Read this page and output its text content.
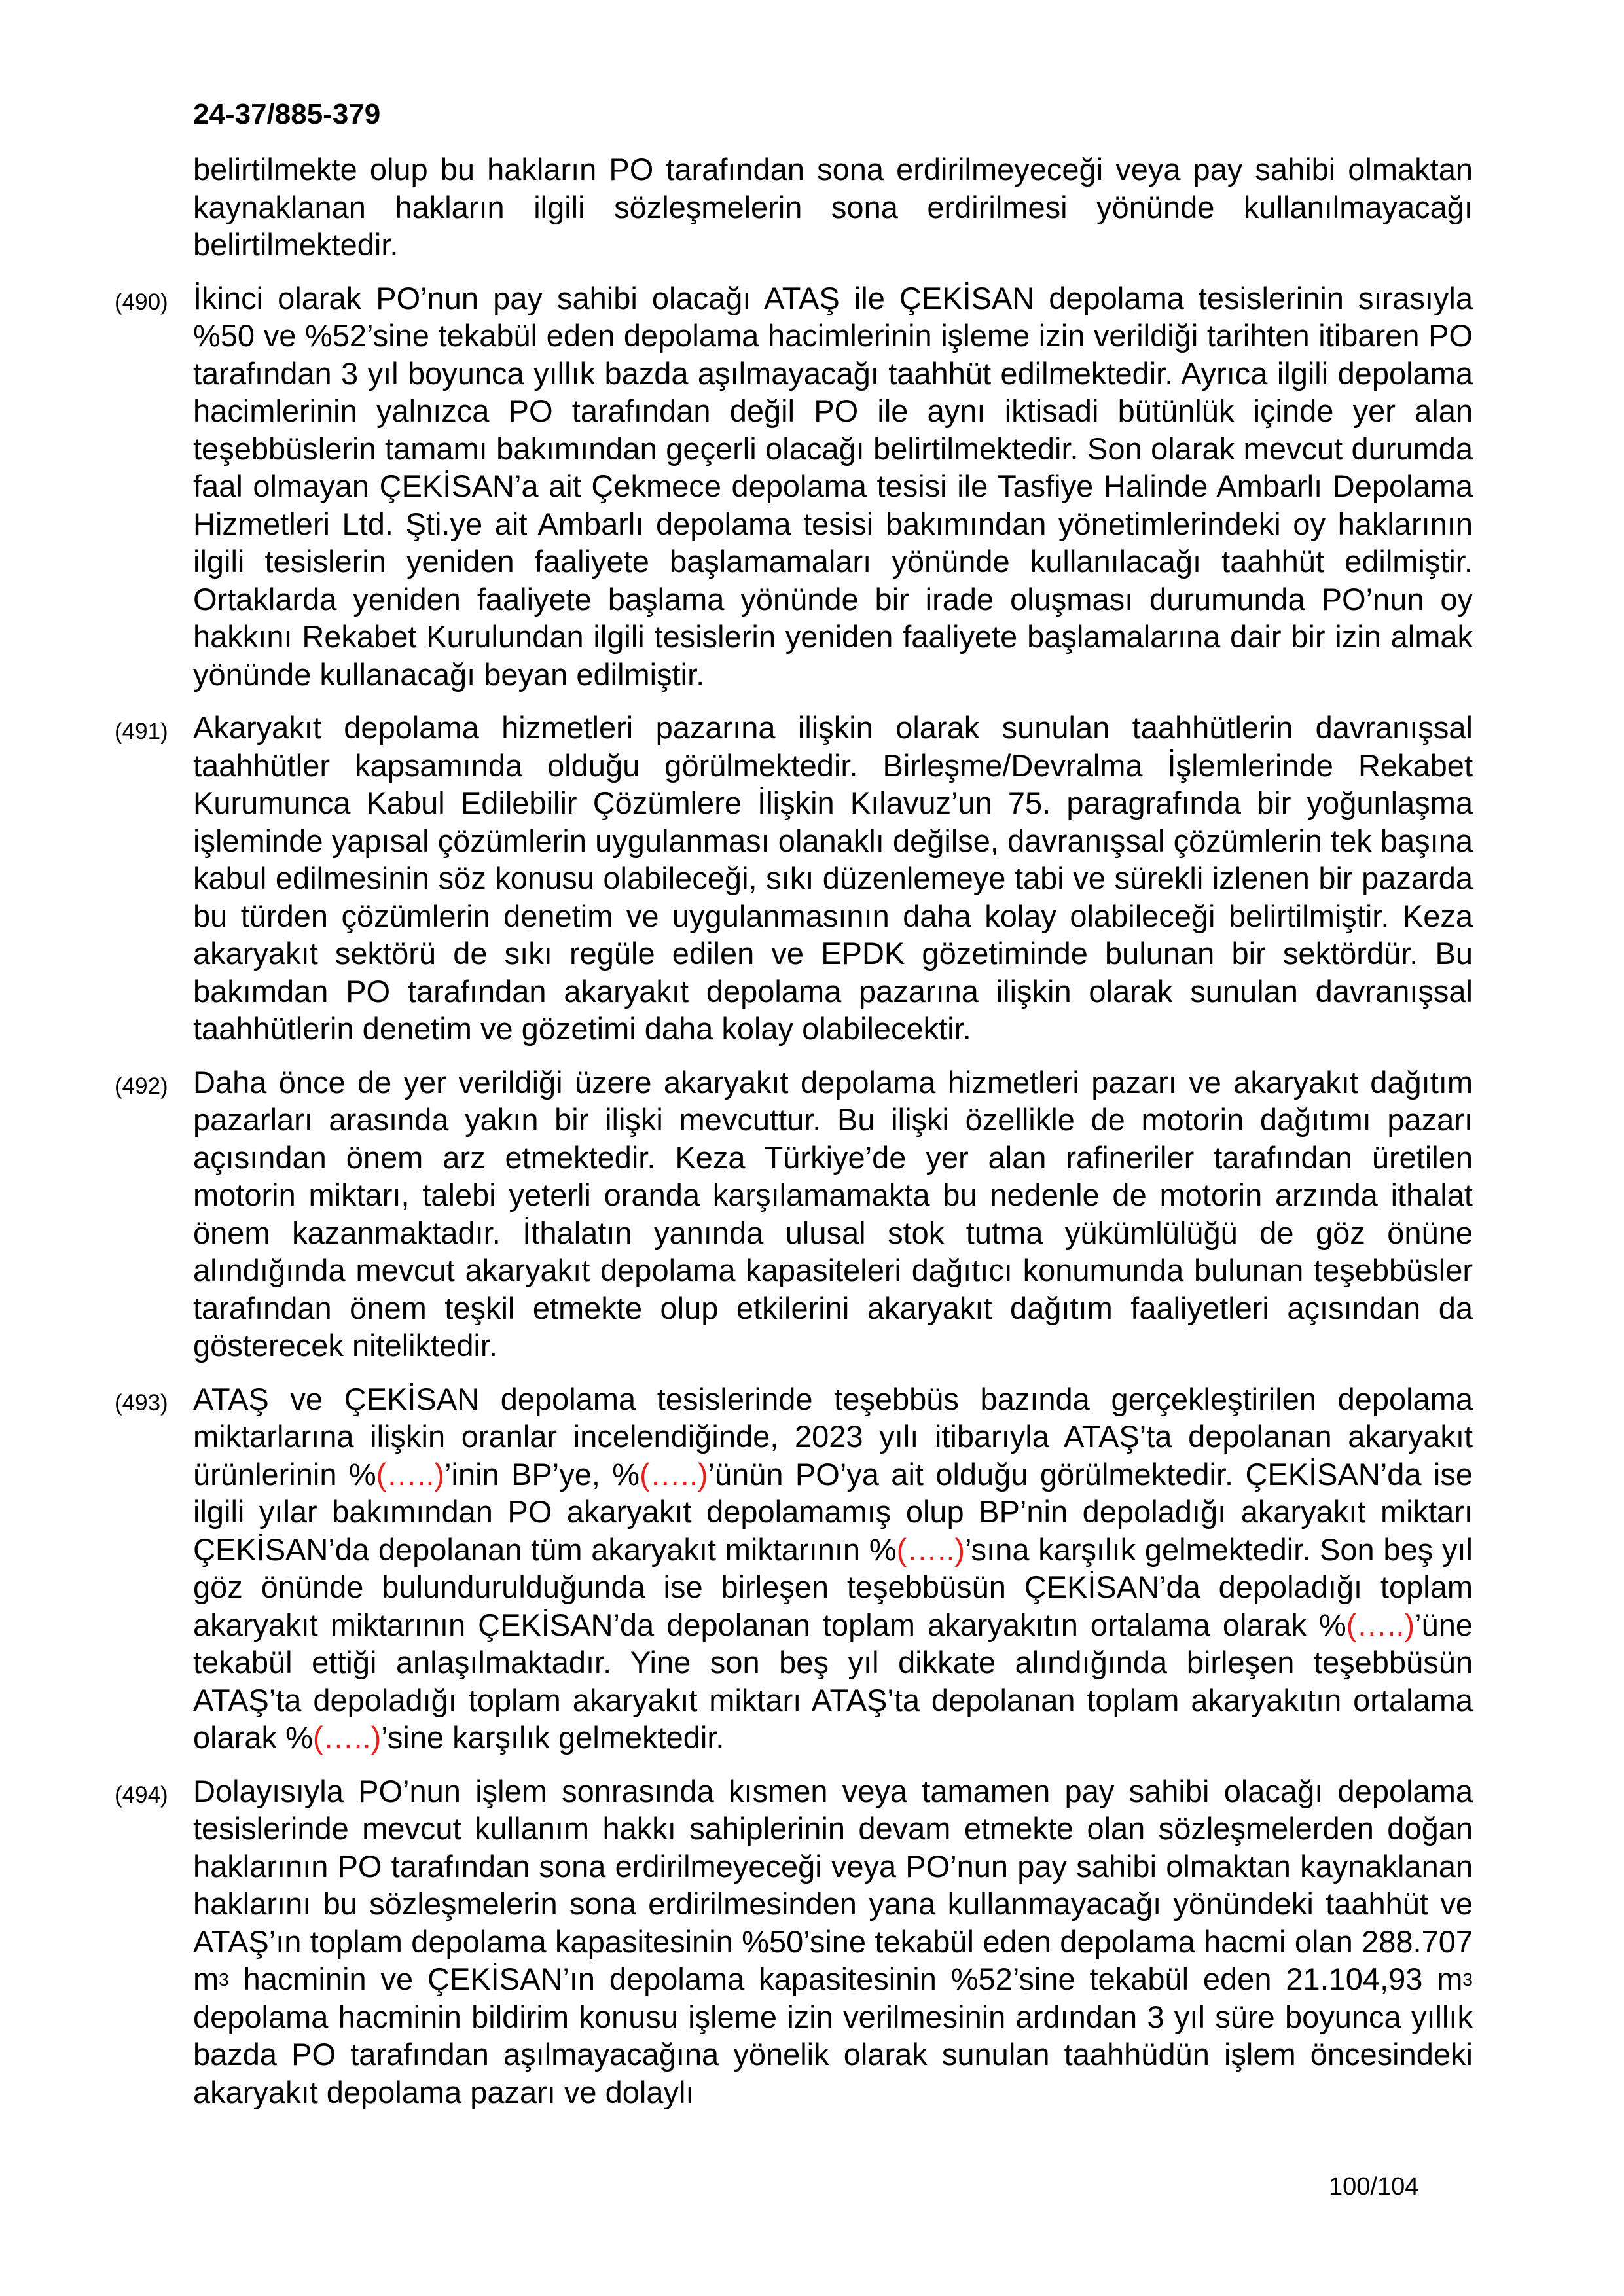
24-37/885-379
belirtilmekte olup bu hakların PO tarafından sona erdirilmeyeceği veya pay sahibi olmaktan kaynaklanan hakların ilgili sözleşmelerin sona erdirilmesi yönünde kullanılmayacağı belirtilmektedir.
(490) İkinci olarak PO’nun pay sahibi olacağı ATAŞ ile ÇEKİSAN depolama tesislerinin sırasıyla %50 ve %52’sine tekabül eden depolama hacimlerinin işleme izin verildiği tarihten itibaren PO tarafından 3 yıl boyunca yıllık bazda aşılmayacağı taahhüt edilmektedir. Ayrıca ilgili depolama hacimlerinin yalnızca PO tarafından değil PO ile aynı iktisadi bütünlük içinde yer alan teşebbüslerin tamamı bakımından geçerli olacağı belirtilmektedir. Son olarak mevcut durumda faal olmayan ÇEKİSAN’a ait Çekmece depolama tesisi ile Tasfiye Halinde Ambarlı Depolama Hizmetleri Ltd. Şti.ye ait Ambarlı depolama tesisi bakımından yönetimlerindeki oy haklarının ilgili tesislerin yeniden faaliyete başlamamaları yönünde kullanılacağı taahhüt edilmiştir. Ortaklarda yeniden faaliyete başlama yönünde bir irade oluşması durumunda PO’nun oy hakkını Rekabet Kurulundan ilgili tesislerin yeniden faaliyete başlamalarına dair bir izin almak yönünde kullanacağı beyan edilmiştir.
(491) Akaryakıt depolama hizmetleri pazarına ilişkin olarak sunulan taahhütlerin davranışsal taahhütler kapsamında olduğu görülmektedir. Birleşme/Devralma İşlemlerinde Rekabet Kurumunca Kabul Edilebilir Çözümlere İlişkin Kılavuz’un 75. paragrafında bir yoğunlaşma işleminde yapısal çözümlerin uygulanması olanaklı değilse, davranışsal çözümlerin tek başına kabul edilmesinin söz konusu olabileceği, sıkı düzenlemeye tabi ve sürekli izlenen bir pazarda bu türden çözümlerin denetim ve uygulanmasının daha kolay olabileceği belirtilmiştir. Keza akaryakıt sektörü de sıkı regüle edilen ve EPDK gözetiminde bulunan bir sektördür. Bu bakımdan PO tarafından akaryakıt depolama pazarına ilişkin olarak sunulan davranışsal taahhütlerin denetim ve gözetimi daha kolay olabilecektir.
(492) Daha önce de yer verildiği üzere akaryakıt depolama hizmetleri pazarı ve akaryakıt dağıtım pazarları arasında yakın bir ilişki mevcuttur. Bu ilişki özellikle de motorin dağıtımı pazarı açısından önem arz etmektedir. Keza Türkiye’de yer alan rafineriler tarafından üretilen motorin miktarı, talebi yeterli oranda karşılamamakta bu nedenle de motorin arzında ithalat önem kazanmaktadır. İthalatın yanında ulusal stok tutma yükümlülüğü de göz önüne alındığında mevcut akaryakıt depolama kapasiteleri dağıtıcı konumunda bulunan teşebbüsler tarafından önem teşkil etmekte olup etkilerini akaryakıt dağıtım faaliyetleri açısından da gösterecek niteliktedir.
(493) ATAŞ ve ÇEKİSAN depolama tesislerinde teşebbüs bazında gerçekleştirilen depolama miktarlarına ilişkin oranlar incelendiğinde, 2023 yılı itibarıyla ATAŞ’ta depolanan akaryakıt ürünlerinin %(…..)’inin BP’ye, %(…..)’ünün PO’ya ait olduğu görülmektedir. ÇEKİSAN’da ise ilgili yılar bakımından PO akaryakıt depolamamış olup BP’nin depoladığı akaryakıt miktarı ÇEKİSAN’da depolanan tüm akaryakıt miktarının %(…..)’sına karşılık gelmektedir. Son beş yıl göz önünde bulundurulduğunda ise birleşen teşebbüsün ÇEKİSAN’da depoladığı toplam akaryakıt miktarının ÇEKİSAN’da depolanan toplam akaryakıtın ortalama olarak %(…..)’üne tekabül ettiği anlaşılmaktadır. Yine son beş yıl dikkate alındığında birleşen teşebbüsün ATAŞ’ta depoladığı toplam akaryakıt miktarı ATAŞ’ta depolanan toplam akaryakıtın ortalama olarak %(…..)’sine karşılık gelmektedir.
(494) Dolayısıyla PO’nun işlem sonrasında kısmen veya tamamen pay sahibi olacağı depolama tesislerinde mevcut kullanım hakkı sahiplerinin devam etmekte olan sözleşmelerden doğan haklarının PO tarafından sona erdirilmeyeceği veya PO’nun pay sahibi olmaktan kaynaklanan haklarını bu sözleşmelerin sona erdirilmesinden yana kullanmayacağı yönündeki taahhüt ve ATAŞ’ın toplam depolama kapasitesinin %50’sine tekabül eden depolama hacmi olan 288.707 $m^3$ hacminin ve ÇEKİSAN’ın depolama kapasitesinin %52’sine tekabül eden 21.104,93 $m^3$ depolama hacminin bildirim konusu işleme izin verilmesinin ardından 3 yıl süre boyunca yıllık bazda PO tarafından aşılmayacağına yönelik olarak sunulan taahhüdün işlem öncesindeki akaryakıt depolama pazarı ve dolaylı
100/104
